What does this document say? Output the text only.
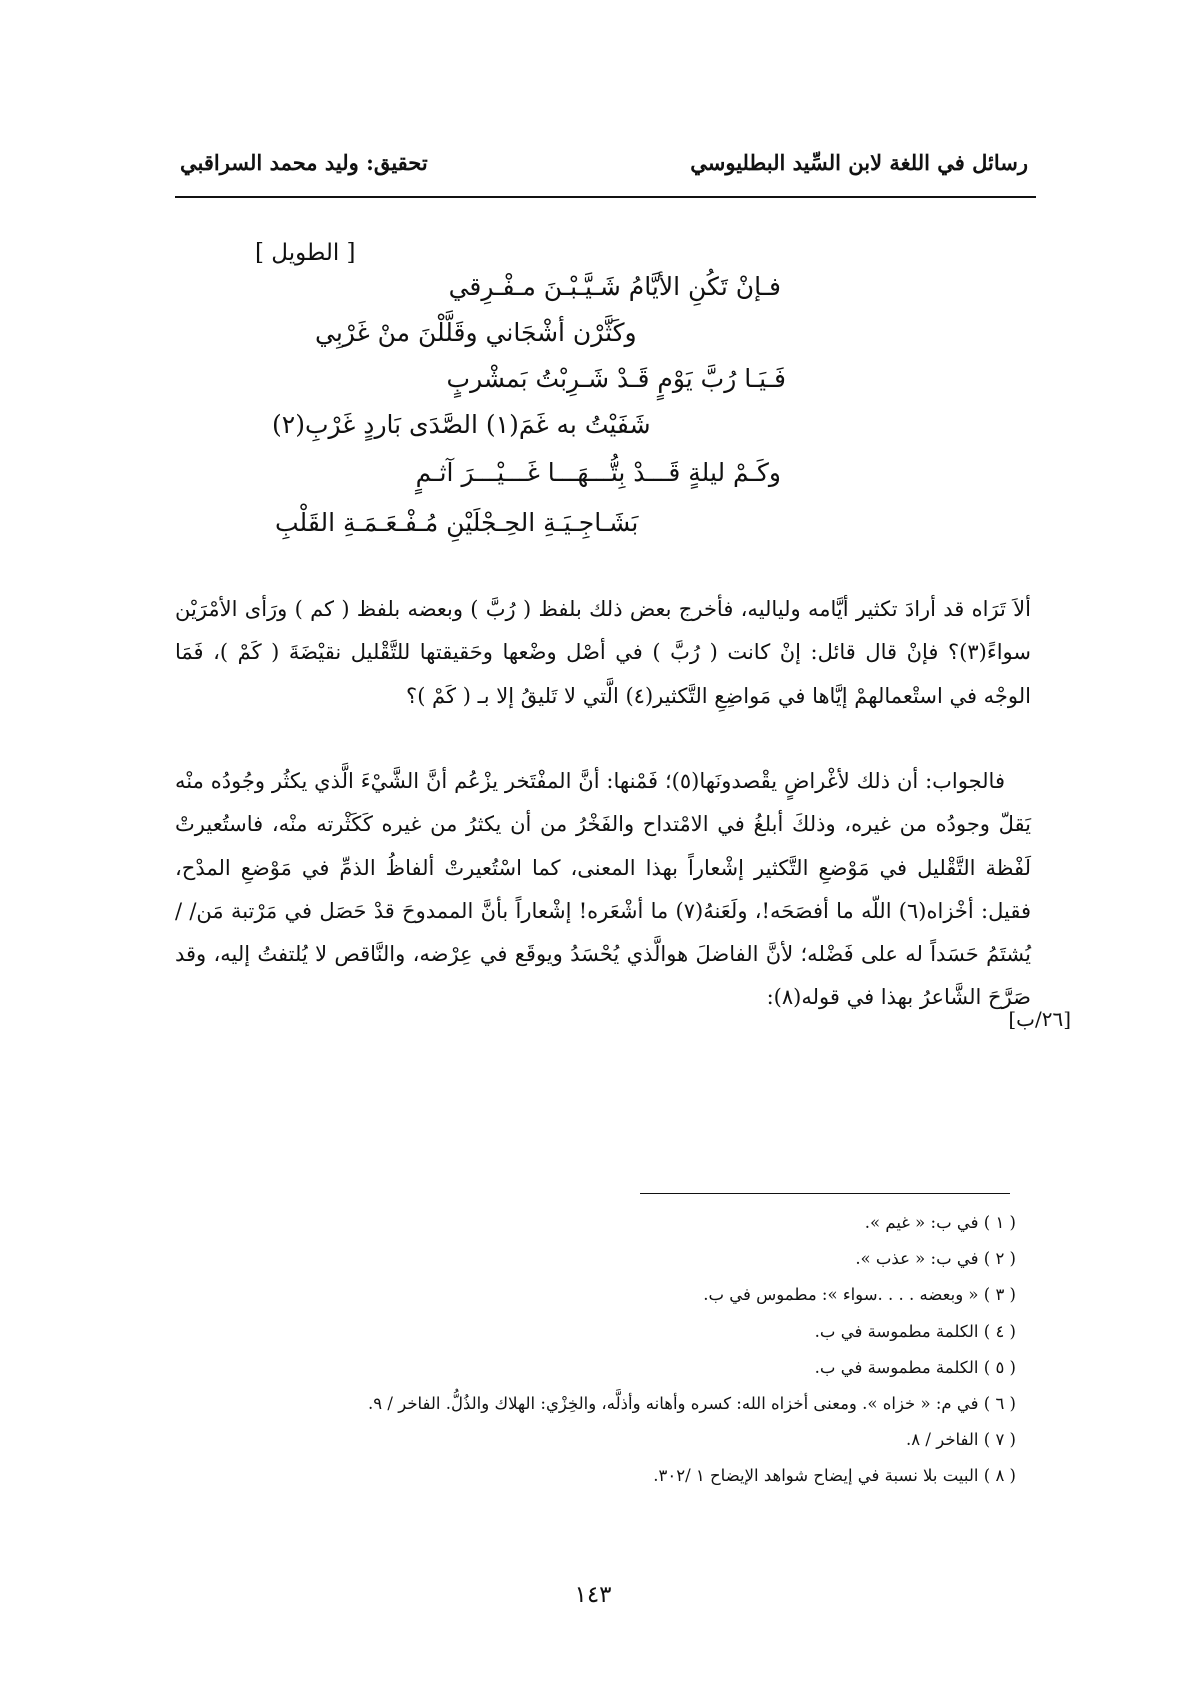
رسائل في اللغة لابن السِّيد البطليوسي
تحقيق: وليد محمد السراقبي
[ الطويل ]
فـإنْ تَكُنِ الأيَّامُ شَـيَّـبْـنَ مـفْـرِقي
وكَثَّرْن أشْجَاني وقَلَّلْنَ منْ غَرْبِي
فَـيَـا رُبَّ يَوْمٍ قَـدْ شَـرِبْتُ بَمشْربٍ
شَفَيْتُ به غَمَ(١) الصَّدَى بَاردٍ غَرْبِ(٢)
وكَـمْ ليلةٍ قَـــدْ بِتُّـــهَـــا غَـــيْـــرَ آثـمٍ
بَشَـاجِـيَـةِ الحِـجْلَيْنِ مُـفْـعَـمَـةِ القَلْبِ
ألاَ تَرَاه قد أرادَ تكثير أيَّامه ولياليه، فأخرج بعض ذلك بلفظ ( رُبَّ ) وبعضه بلفظ ( كم ) ورَأى الأمْرَيْن سواءً(٣)؟ فإنْ قال قائل: إنْ كانت ( رُبَّ ) في أصْل وضْعها وحَقيقتها للتَّقْليل نقيْضَةَ ( كَمْ )، فَمَا الوجْه في استْعمالهمْ إيَّاها في مَواضِعِ التَّكثير(٤) الَّتي لا تَليقُ إلا بـ ( كَمْ )؟
فالجواب: أن ذلك لأغْراضٍ يقْصدونَها(٥)؛ فَمْنها: أنَّ المفْتَخر يزْعُم أنَّ الشَّيْءَ الَّذي يكثُر وجُودُه منْه يَقلّ وجودُه من غيره، وذلكَ أبلغُ في الامْتداح والفَخْرُ من أن يكثرُ من غيره كَكَثْرته منْه، فاستُعيرتْ لَفْظة التَّقْليل في مَوْضعِ التَّكثير إشْعاراً بهذا المعنى، كما اسْتُعيرتْ ألفاظُ الذمِّ في مَوْضعِ المدْح، فقيل: أخْزاه(٦) اللّه ما أفصَحَه!، ولَعَنهُ(٧) ما أشْعَره! إشْعاراً بأنَّ الممدوحَ قدْ حَصَل في مَرْتبة مَن/ / يُشتَمُ حَسَداً له على فَضْله؛ لأنَّ الفاضلَ هوالَّذي يُحْسَدُ ويوقَع في عِرْضه، والنَّاقص لا يُلتفتُ إليه، وقد صَرَّحَ الشَّاعرُ بهذا في قوله(٨):
[٢٦/ب]
( ١ ) في ب: « غيم ».
( ٢ ) في ب: « عذب ».
( ٣ ) « وبعضه . . . .سواء »: مطموس في ب.
( ٤ ) الكلمة مطموسة في ب.
( ٥ ) الكلمة مطموسة في ب.
( ٦ ) في م: « خزاه ». ومعنى أخزاه الله: كسره وأهانه وأذلَّه، والخِزْي: الهلاك والذُلُّ. الفاخر / ٩.
( ٧ ) الفاخر / ٨.
( ٨ ) البيت بلا نسبة في إيضاح شواهد الإيضاح ١ /٣٠٢.
١٤٣
